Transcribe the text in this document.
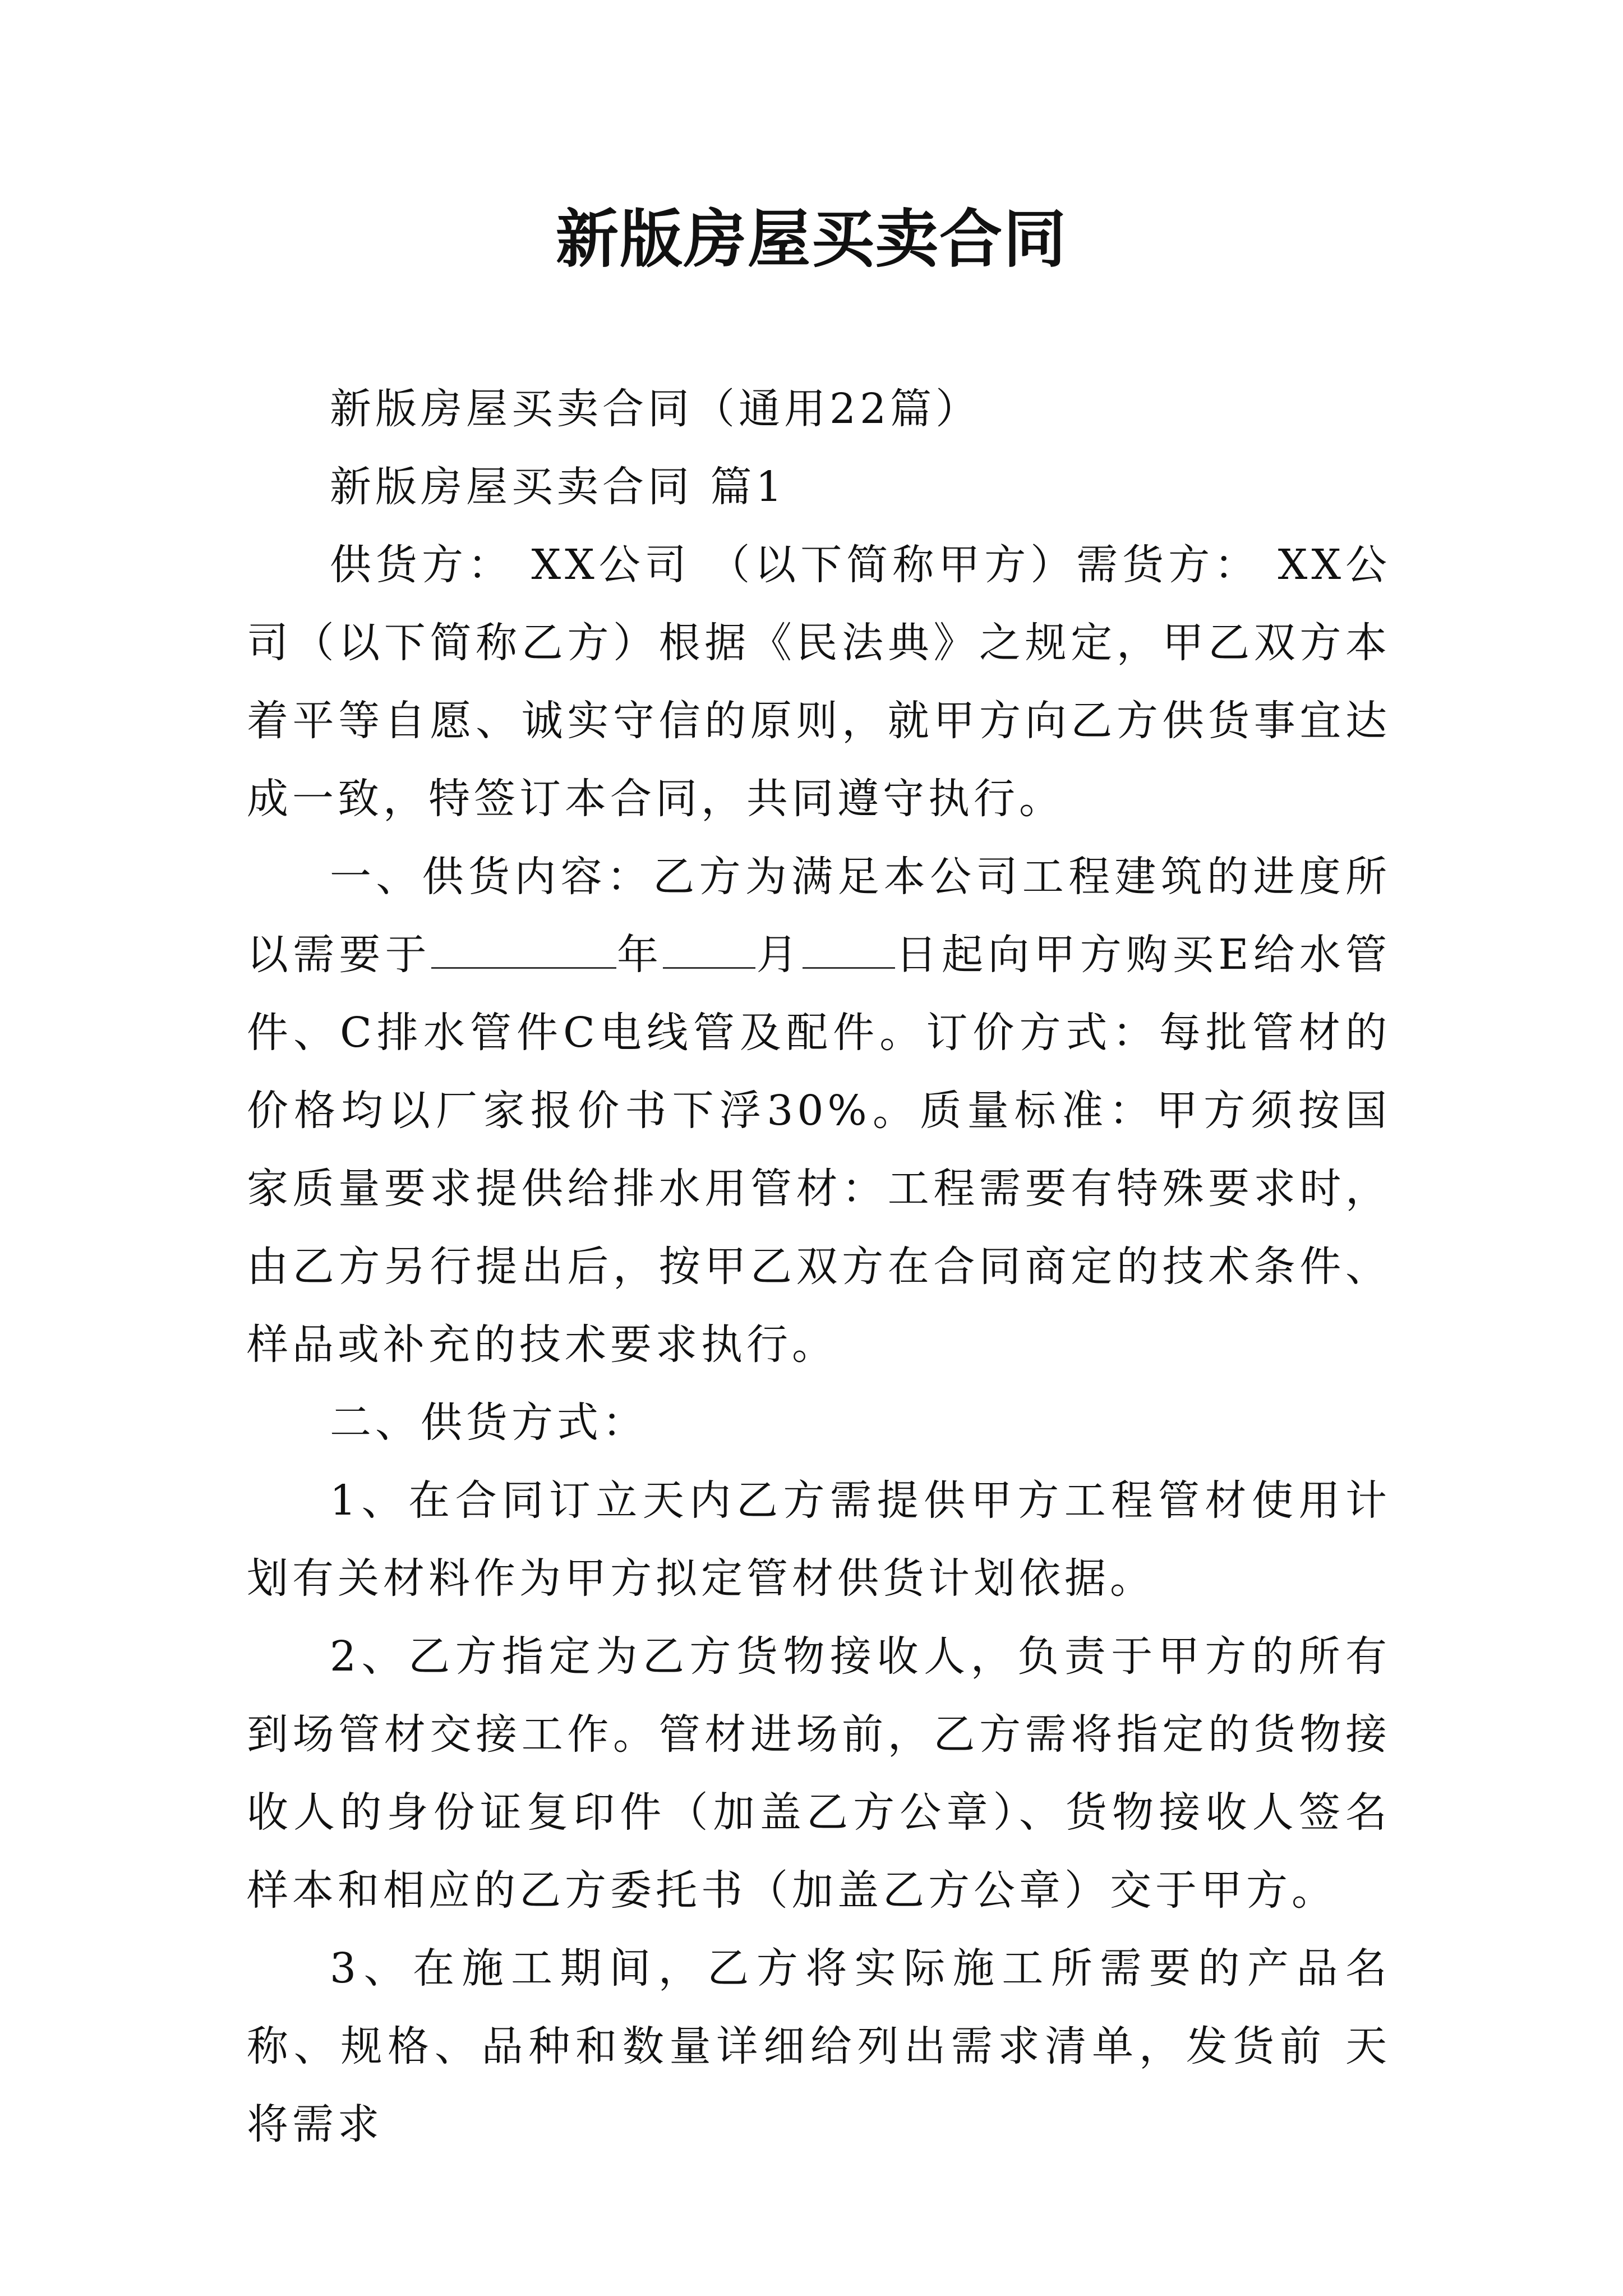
新版房屋买卖合同

新版房屋买卖合同（通用22篇）

新版房屋买卖合同 篇1

供货方： XX公司 （以下简称甲方）需货方： XX公司（以下简称乙方）根据《民法典》之规定，甲乙双方本着平等自愿、诚实守信的原则，就甲方向乙方供货事宜达成一致，特签订本合同，共同遵守执行。

一、供货内容：乙方为满足本公司工程建筑的进度所以需要于	年 月 日起向甲方购买E给水管件、C排水管件C电线管及配件。订价方式：每批管材的价格均以厂家报价书下浮30%。质量标准：甲方须按国家质量要求提供给排水用管材：工程需要有特殊要求时，由乙方另行提出后，按甲乙双方在合同商定的技术条件、样品或补充的技术要求执行。

二、供货方式：

1、在合同订立天内乙方需提供甲方工程管材使用计划有关材料作为甲方拟定管材供货计划依据。

2、乙方指定为乙方货物接收人，负责于甲方的所有到场管材交接工作。管材进场前，乙方需将指定的货物接收人的身份证复印件（加盖乙方公章）、货物接收人签名样本和相应的乙方委托书（加盖乙方公章）交于甲方。

3、在施工期间，乙方将实际施工所需要的产品名称、规格、品种和数量详细给列出需求清单，发货前 天将需求
